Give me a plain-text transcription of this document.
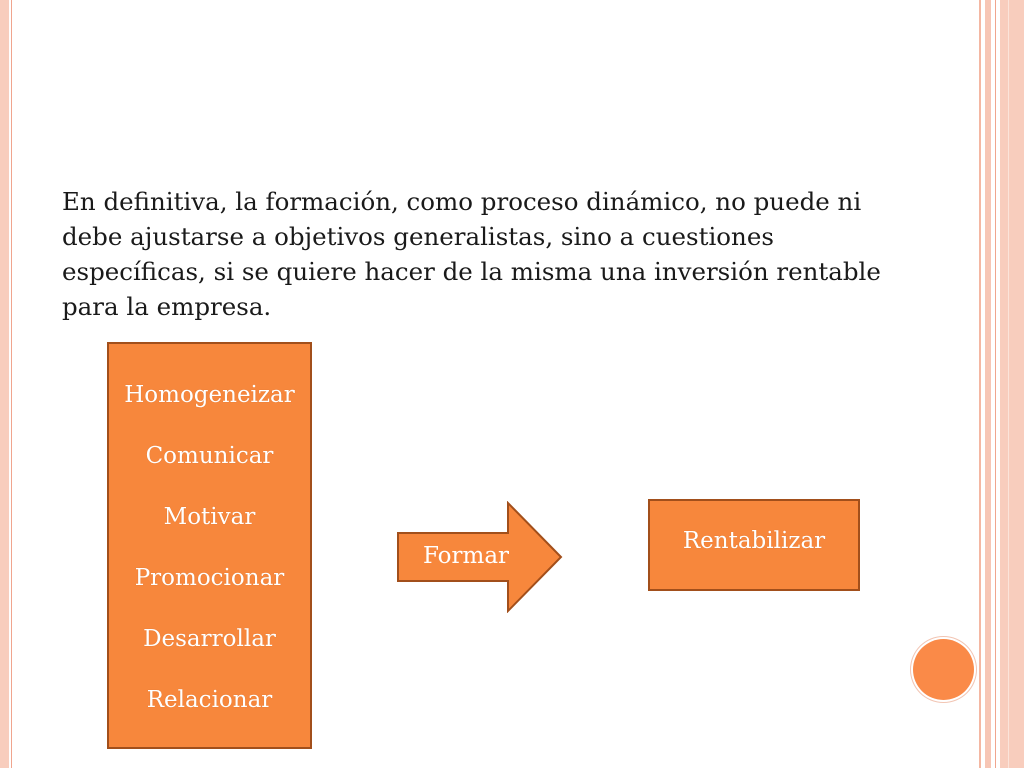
En definitiva, la formación, como proceso dinámico, no puede ni debe ajustarse a objetivos generalistas, sino a cuestiones específicas, si se quiere hacer de la misma una inversión rentable para la empresa.

Homogeneizar
Comunicar
Motivar
Promocionar
Desarrollar
Relacionar
Formar
Rentabilizar
